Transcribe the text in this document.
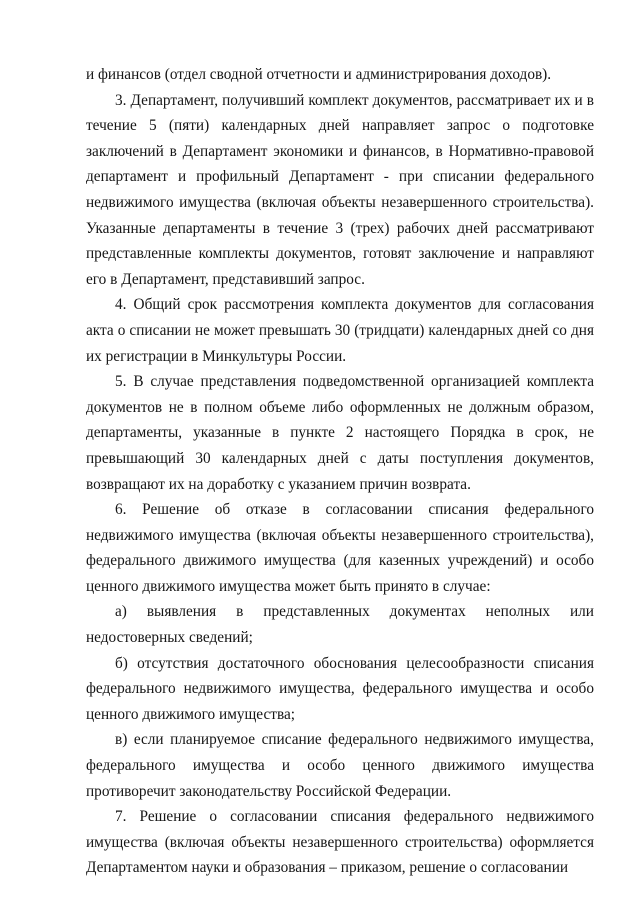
и финансов (отдел сводной отчетности и администрирования доходов).

3. Департамент, получивший комплект документов, рассматривает их и в течение 5 (пяти) календарных дней направляет запрос о подготовке заключений в Департамент экономики и финансов, в Нормативно-правовой департамент и профильный Департамент - при списании федерального недвижимого имущества (включая объекты незавершенного строительства). Указанные департаменты в течение 3 (трех) рабочих дней рассматривают представленные комплекты документов, готовят заключение и направляют его в Департамент, представивший запрос.

4. Общий срок рассмотрения комплекта документов для согласования акта о списании не может превышать 30 (тридцати) календарных дней со дня их регистрации в Минкультуры России.

5. В случае представления подведомственной организацией комплекта документов не в полном объеме либо оформленных не должным образом, департаменты, указанные в пункте 2 настоящего Порядка в срок, не превышающий 30 календарных дней с даты поступления документов, возвращают их на доработку с указанием причин возврата.

6. Решение об отказе в согласовании списания федерального недвижимого имущества (включая объекты незавершенного строительства), федерального движимого имущества (для казенных учреждений) и особо ценного движимого имущества может быть принято в случае:

а) выявления в представленных документах неполных или недостоверных сведений;

б) отсутствия достаточного обоснования целесообразности списания федерального недвижимого имущества, федерального имущества и особо ценного движимого имущества;

в) если планируемое списание федерального недвижимого имущества, федерального имущества и особо ценного движимого имущества противоречит законодательству Российской Федерации.

7. Решение о согласовании списания федерального недвижимого имущества (включая объекты незавершенного строительства) оформляется Департаментом науки и образования – приказом, решение о согласовании
